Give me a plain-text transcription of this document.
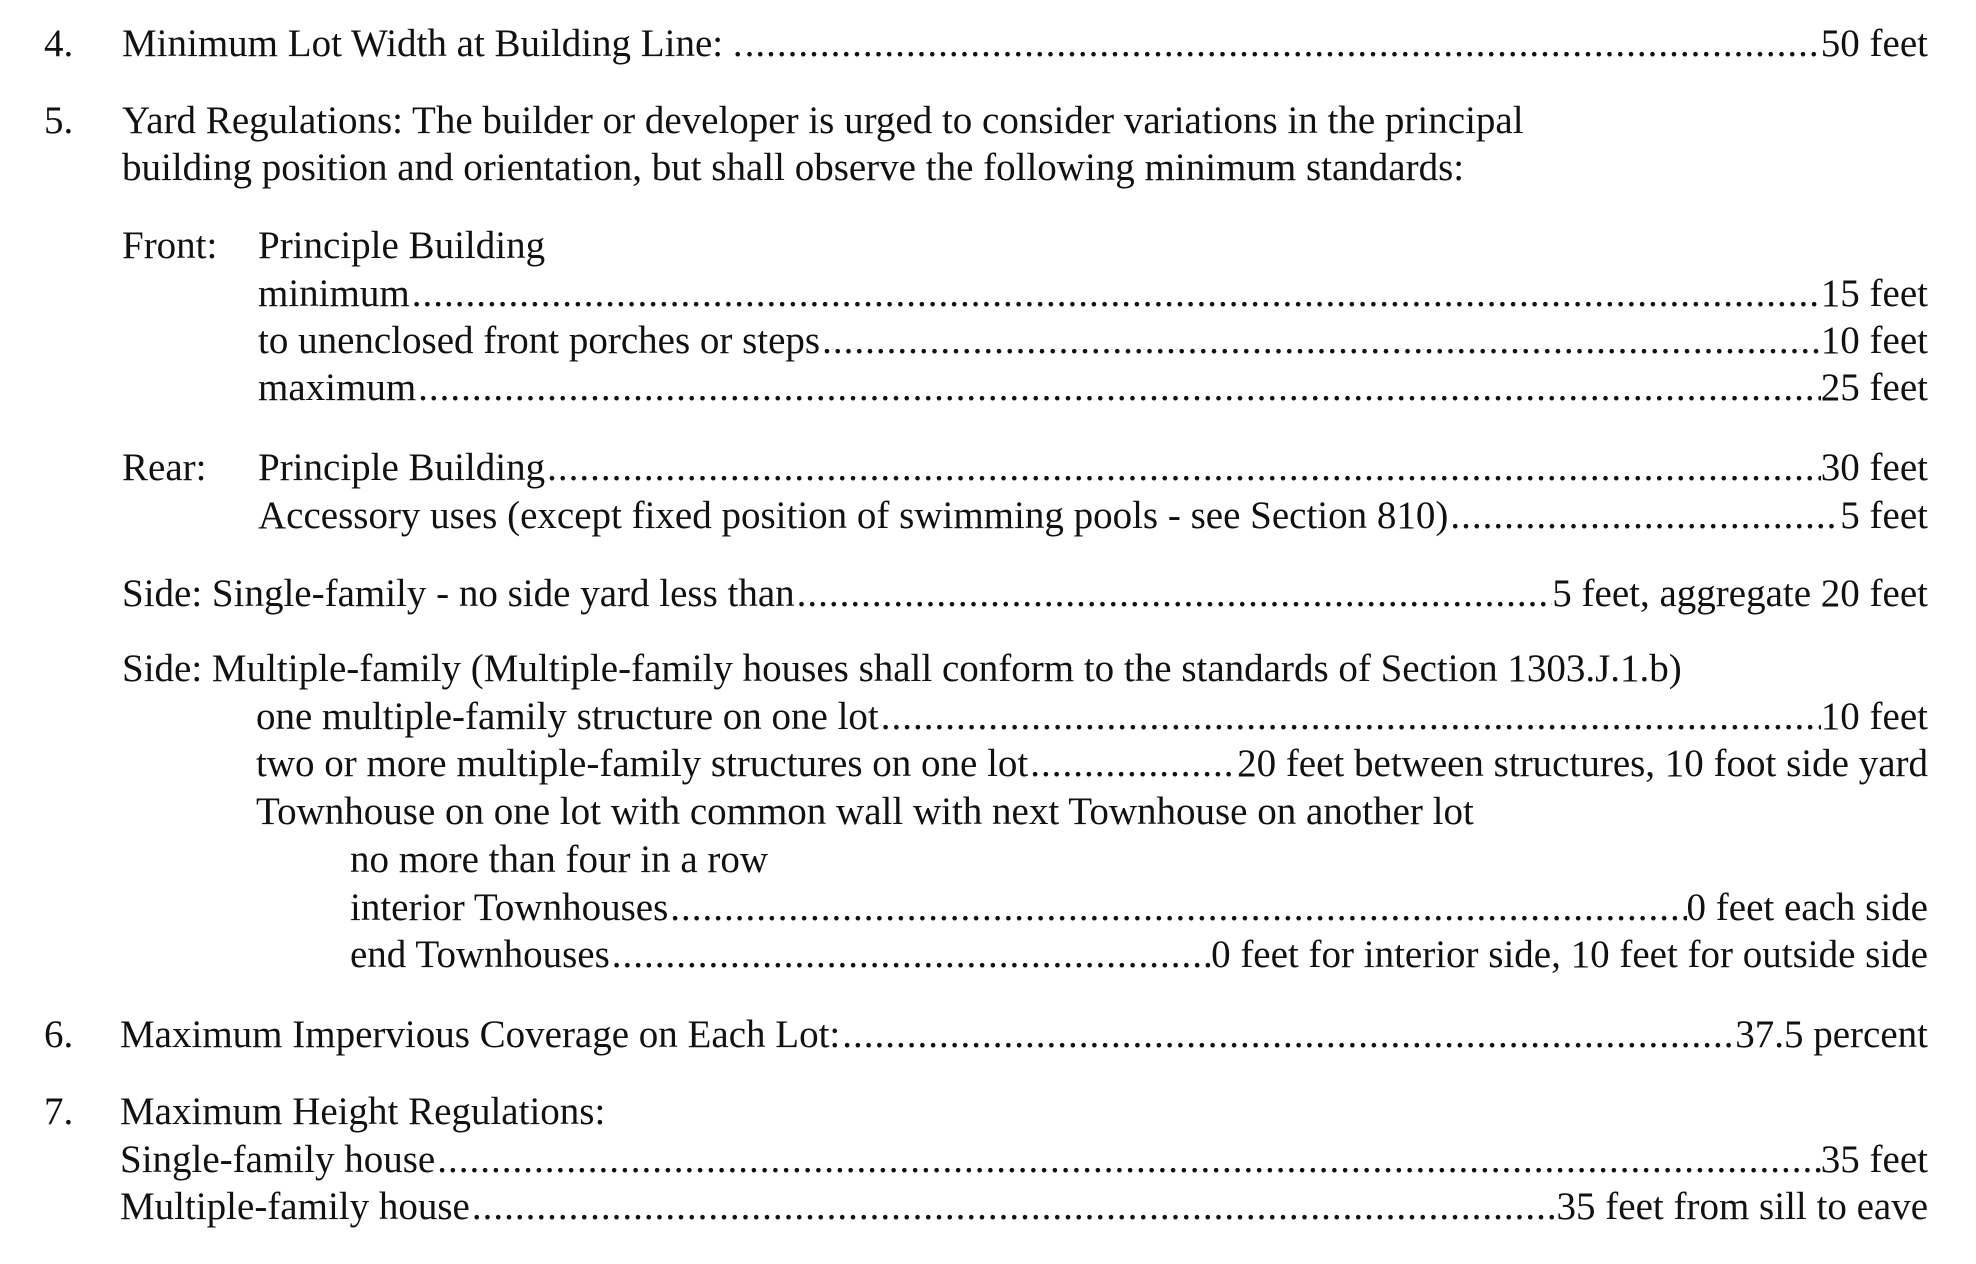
4. Minimum Lot Width at Building Line: . .....	50 feet
5. Yard Regulations: The builder or developer is urged to consider variations in the principal
building position and orientation, but shall observe the following minimum standards:
Front: Principle Building
minimum .....	15 feet
to unenclosed front porches or steps .....	10 feet
maximum .....	25 feet
Rear: Principle Building .....	30 feet
Accessory uses (except fixed position of swimming pools - see Section 810) .....	5 feet
Side: Single-family - no side yard less than .....	5 feet, aggregate 20 feet
Side: Multiple-family (Multiple-family houses shall conform to the standards of Section 1303.J.1.b)
one multiple-family structure on one lot .....	10 feet
two or more multiple-family structures on one lot .....	20 feet between structures, 10 foot side yard
Townhouse on one lot with common wall with next Townhouse on another lot
no more than four in a row
interior Townhouses .....	0 feet each side
end Townhouses .....	0 feet for interior side, 10 feet for outside side
6. Maximum Impervious Coverage on Each Lot: .....	37.5 percent
7. Maximum Height Regulations:
Single-family house .....	35 feet
Multiple-family house .....	35 feet from sill to eave
